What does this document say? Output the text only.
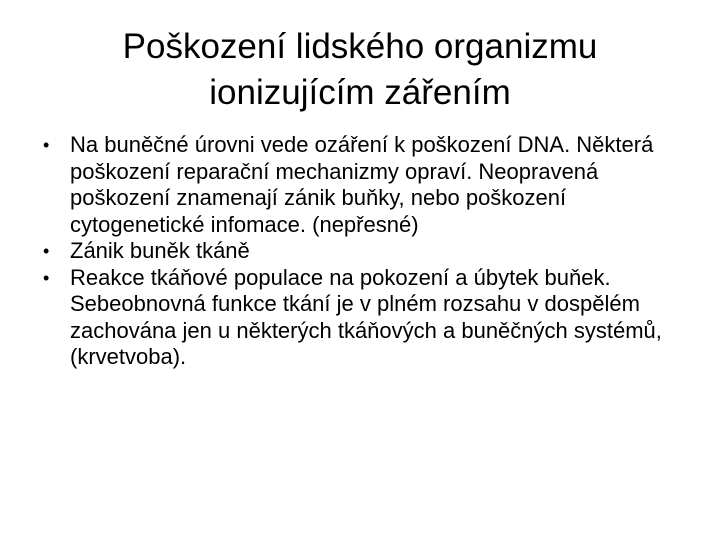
Poškození lidského organizmu
ionizujícím zářením
• Na buněčné úrovni vede ozáření k poškození DNA. Některá poškození reparační mechanizmy opraví. Neopravená poškození znamenají zánik buňky, nebo poškození cytogenetické infomace. (nepřesné)
• Zánik buněk tkáně
• Reakce tkáňové populace na pokození a úbytek buňek. Sebeobnovná funkce tkání je v plném rozsahu v dospělém zachována jen u některých tkáňových a buněčných systémů, (krvetvoba).
